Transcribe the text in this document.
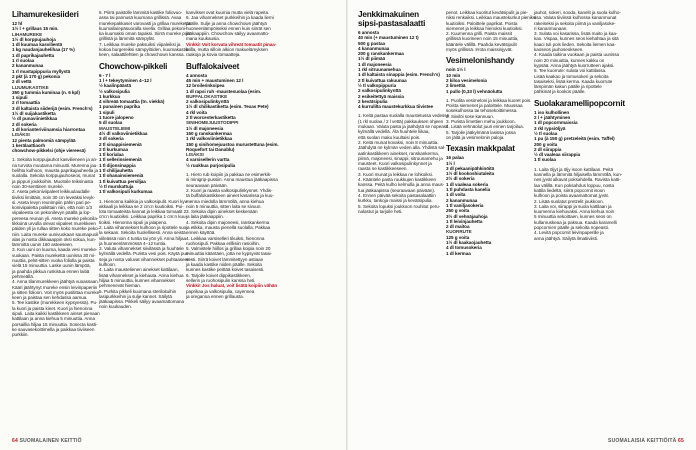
Lihamurekesiideri
12 hl
1½ l + grillaus 15 min.
LIHAMUREKE
1½ dl korppujauhoja
1 dl kuumaa kasvilientä
1 kg naudanjauhelihaa (17 %)
1 dl paprikajauhetta
1 rl suolaa
2 kananmunaa
1 rl mustapippuria myllystä
2 pkt (à 170 g) pekonia
2 dl vettä
LIJUMUKASTIKE
350 g tummia kuminaa (n. 6 kpl)
1 sipuli
2 rl tomaattia
3 dl kaltaista siiderijä (esim. French's)
1½ dl suijakastiketta
½ dl punaviinietikkaa
2 dl sokeria
1 dl korianteriviinamsia hiarrontaa
LISÄKSI
12 pienta palmomiä sämpylää
1 kerälaattiaorh
chowchow-pikkelsi (ohje viereesä)
1. Sekoita korppujauhot kasvilieneen ja an-
na turvota muutama minuutti. Murenna jau-
helihta kulhoon, mausta paprikajauheella ja
suolalla. Sekoita korppujauhoseos, munat
ja pippuri joukkoihin. Muotoile teiksinasta
noin 30-senttinen murekė.
2. Aseta pekoniviipaleet leikkuulaudalle
tiiviksi limittäin, noin 30 cm leveäksi levyk-
si. Aseta levyn reunimpiin pähin pari pe-
koniviipaletta poikittain niin, että noin 1/3
viipaleesta on pekonilevyn päällä ja lop-
pereesa reunan yli. Aseta murekė pekonila-
tikkoinä urvulla olevat viipaleet murekkeen
päiden yli ja rullaa sitten koko mureke peko-
niin. Laita mureke uunivuokaan saumapuoli
alas ja nosta dikkaaappin oksi sokua, kun-
lämmittä uunin 160 asteeseen.
3. Kun uuni on kuuma, kaada vesi mureke-
vuokaan. Paista murekettä uunissa 30 mi-
nuuttia, pelst-sitten vuoka foliolla ja paista
vielä 15 minuuttia. Laske uunin lämpöä,
ja paahda pikkua ruskistua ennen laitiä
pehmeällä.
4. Anna tilanmurekkeen jäähtyä vuoassaan.
Kääri jäähtynyt mureke ensin leivinpaperiin
ja sitten folioon. Voit myös pusitittaa mureke-
keen ja paistaa sen kehdassa aamua.
5. Tee kastike (murekkeen kypsyessä). Pu-
la kuori ja paista kinet. Kuori ja hienonna
sipuli. Laita kaikki kastikkeen ainset pienaan
kattilaan ja anna kiehua 5 minuuttia. Anna
porsaillia hiljaa 15 minuuttia. Sosecta kasti-
ke sauvasekoittimella ja paikkaa tiiviiseen
purkkiin.
6. Piirrä paistolle lämmitä kastike foliovuo-
assa tai pannusä kuumana grillissä. Avaa
murekepakkaset varovasti ja grillaa mureketta
kuumalla/epäsuoralla sivella. Grillaa pekoni-
ka kuumaksi oman tapaksi. Siirrä mureke pois
grillistä ja lämmitä sämpylät.
7. Leikkaa mureke paksuiksi viipaleiksi ja
kokoa burgereiksi sämpylöiden, kuumakastik-
keen, salaattilehtien ja chowchown kanssa.
Chowchow-pikkeli
6 - 7 l
1 l + tekeytyminen 4–12 l
½ kaalinpäästä
½ valkosipulia
1 kurkkua
4 vihreää tomaattia (tn. viekkä)
1 punainen paprika
1 sipuli
1 tuore jalopeno
5 dl suolaa
MAUSTELIEMI
4½ dl valkoviinietikkaa
3 dl sokeria
2 tl sinappisiemeniä
2 tl kurkumaa
1 tl korialaa
1 tl sellerinsiemeniä
1 tl dijonsinappia
1 tl chilijauhetta
1 tl ohanainsiemeniä
1 tl kuivattua persiljaa
½ tl murskattuja
1 tl valkosipuli kurkumaa
1. Hienonna kaikkia ja valkosipulit. Kuori kyv-
akkaali ja leikkaa se 2 cm:n kuutioiksi. Pui-
lota tomaateista kannat ja leikkaa tomaatit 2
cm:n kuutioiksi. Leikkaa paprika 1 cm:n kuu-
tioiksi. Hienonna sipuli ja jalapeno.
2. Laita vihannekset kulhoon ja ripottele suo-
la sekaan. Sekoita huolellisesti. Anna seistä
viileässä noin 4 tuntia tai yön yli. Anna hiljaa
ja huoneenlämmössä 4–12 tuntia.
3. Valuta vihannekset siivilässä ja huuhtele
kylmällä vedellä. Purista vesi pois. Käytä pus-
seja ja nosta valuvat vihannekset puhtaaseen
kulhoon.
4. Laita maustelienen ainekset kattilaan,
lisää vihannekset ja kiehauta. Anna kiehua
hiljaa 5 minuuttia, kunnes vihannekset
pehmenevät hieman.
5. Purkita pikkeli kuumana steriloituihin
lasipurkkeihin ja sulje kannet. Säilytä
jääkaapissa. Pikkeli säilyy avaamattomana
noin kuukauden.
kanvikset ovat kuumia mutta vielä rapeita.
6. Jaa vihannekset purkkeihin ja kaada liemi
päälle. Sulje ja anna chowchown jäähtyä
huoneenlämpöiseksi ennen kuin siirrät sen
jääkaappiin. Chowchow säilyy avaamatto-
mana kuukausia.
Vinkki! Voit korvata vihreät tomaatit pinaa-
atilla, mutta silloin alkion makuelämyksen
raakoja ja kovia tomaatteja.
Buffalokaiveet
4 annosta
45 min + maustuminen 12 l
12 broilerinkoipea
1 dl rapsi ruh -maustesuolaa (esim.
BUFFALOKASTIKE
2 valkosipulinkynttä
1½ dl chilikastiketta (esim. Texas Pete)
4 rkl voita
2 tl worcesterkastiketta
SINIHOMEJUUSTODIPPI
1½ dl majoneesia
150 g ranskankermaa
1 rkl valkoviinietikkaa
150 g sinihomejuustoa murustettuna (esim.
Roquefort tai Danablu)
LISÄKSI
4 varsisellerin vartta
½ ruukkua purjosipulia
1. Hiero rub koipiin ja pakkaa ne esimerkik-
si minigrip-pussiin. Anna maustua jääkaapissa
seuraavaan päivään.
2. Kuori ja raasta valkosipulinkynnet. Yhdis-
tä buffalokastikkeen aineet kasarissa ja kuu-
menna miedolla lämmöllä, anna kiehua
noin 5 minuuttia, sitten laita se sivuun.
3. Sekoita dipin ainekset keskenään
ja laita jääkaappiin.
4. Sekoita dipin majoneesi, ranskankerma
ja etikka, mausta pienellä suolalla. Pakkaa
ennen käyttöä.
4. Leikkaa varsiselleri tikuiksi, hienonna
ruohosipuli. Pakkaa erillisiin rasioihin.
5. Valmistele hiillos ja grillaa koipia noin 20
minuuttia kääntäen, jotta ne kypsyvät tasai-
sesti. Siirrä koivet lämmitettyyn astiaan
ja kaada kastike niiden päälle. Sekoita
kunnes kastike peittää koivet tasaisesti.
6. Tarjoile koivet dippikastikkeen,
sellerin ja ruohosipulin kanssa heti.
Vinkki! Jos haluat, voit lisätä koipiin vähän
paprikaa ja valkosipulia, cayennea
ja oreganoa ennen grillausta.
64 SUOMALAINEN KEITTIÖ
Jenkkimakuinen sipsi-pastasalaatti
6 annosta
40 min (+ maustuminen 12 t)
500 g pastaa
4 kananmunaa
200 g ranskankermaa
1½ dl piimää
1 dl majoneesia
1 rkl sitruunamehua
1 dl kaltaista sinappia (esim. French's)
2 tl kuivattua rakuunaa
½ tl valkopippuria
2 valkosipulinkynttä
2 esikeitettyä maissia
2 kevätsipulia
4 kurrulilta maustekurkkua tiivistee
1. Keitä pastaa suolalla maustetussa vedessä
(1 rkl suolaa / 2 l vettä) pakkauksen ohjeen
mukaan. Valuta pasta ja jäähdytä se nopeasti
kylmällä vedellä. Älä huuhtele liikaa,
että suolan maku kuultaisi pois.
2. Keitä munat kovaksi, noin 8 minuuttia.
Jäähdytä ne kylmän veden alla. Yhdistä sal-
aatinkastikkeen ainekset, ranskankerma,
piimä, majoneesi, sinappi, sitruunamehu ja
mausteet. Kuori valkosipulinkynnet ja
raasta ne kastikkeeseen.
3. Kuori munat ja leikkaa ne lohkoiksi.
4. Kääntele pasta ruukkujen kastikkeen
kanssa. Peitä kulho kelmulla ja anna maus-
tua jääkaapissa (seuraavaan päivään).
4. Ennen päivää sekoita pastasalaattiin
kurkku, tankoja maissi ja kevätsipulia.
5. Sekoita lopuksi joukkoon rouhitut peru-
nalastut ja tarjoile heti.
penot. Leikkaa kuoritut kevätsipulit ja pie-
niksi renkaiksi. Leikkaa maustekurkut pieniksi
kuutioiksi. Paloittele paprikat. Poista
siemenet ja leikkaa hienoksi kuutioiksi.
2. Kuumenna grilli. Paista maissit
grillissä kuorineen noin 15 minuuttia,
kääntele välillä. Paahda kevätsipulit
myös grillissä. Irrota maissinjyvät.
Vesimelonishandy
noin 1½ l
10 min
2 kiloa vesimelonia
2 limettiä
1 pullo (0,33 l) vehnäolutta
1. Puolita vesimeloni ja leikkaa kuoret pois.
Poista siemenet ja paloittele. Muussaa
sosekulhossa tai tehosekoittimessa.
2. Siivilöi sose kannuun.
3. Purista limettien mehu joukkoon.
4. Lisää vehnäolut juuri ennen tarjoilua.
5. Tarjoile jääkylmänä lasissa jossa
on jäitä ja vesimelonin paloja.
Texasin makkpalat
16 palaa
1½ l
3 dl pekaanipähkinöitä
1½ dl kookoshiutaleita
2½ dl sokeria
1 dl vaaleaa sokeria
1 tl puhdasta kanelia
1 dl voita
2 kananmunaa
1 tl vaniljasokeria
250 g voita
3½ dl vehnäjauhoja
1 tl leivinjauhetta
2 dl maitoa
KUORRUTE
125 g voita
1½ dl kaakaojauhetta
4 dl tomusokeria
1 dl kermaa
jauhot, sokeri, sooda, kanelit ja suola kulho-
ssa. Valuta tiiviissä kulhossa kananmunat
rakeiseksi ja sekoita piimä ja vaniljasoke-
ri kananmunaan.
3. Sulata voi kasarissa, lisää maito ja kaa-
kao. Vispaa, kunnes seos kiehahtaa ja sitä
kaaci tuli pois lieden. Sekoita liemen kaa-
kaoseos jauhoseokseen.
4. Kaada taikina vuokaan ja paista uunissa
noin 20 minuuttia, kunnes kakku on
kypsää. Anna jäähtyä kuorrutteen ajaksi.
5. Tee kuorrute: sulata voi kattilassa.
Lisää kaakao ja tomusokeri ja sekoita
tasaiseksi, lisää kerma. Kaada kuorrute
lämpimän kakun päälle ja ripottele
pähkinät ja kookos päälle.
Suolakaramellipopcornit
1 iso kulhollinen
2 l + jäähtyminen
1 dl popcornmaissia
3 rkl rypsiöljyä
½ tl suolaa
1 pu (à 150 g) pretzeleitä (esim. Taffel)
200 g voita
2 dl siirappia
½ dl vaaleaa siirappia
1 tl suolaa
1. Laita öljyt ja öljy isoon kattilaan. Peitä
kannella ja lämmitä hiljaisella lämmöllä, kun-
nes jyvät alkavat poksahdella. Ravista katti-
laa välillä. Kun poksahdus loppuu, nosta
kattila liedeltä, siirrä popcornit isoon
kulhoon ja poista avaamattomat jyvät.
2. Lisää suolatut pretzelit joukkoon.
3. Laita voi, siirappi ja suola kattilaan ja
kuumenna kiehuvaksi. Anna kiehua noin
5 minuuttia sekoittaen, kunnes seos on
kullanruskeaa ja paksua. Kaada karamelli
popcornien päälle ja sekoita nopeasti.
4. Levitä popcornit leivinpaperille ja
anna jäähtyä. Säilytä ilmatiiviisti.
SUOMALAISIA KEITTIÖITÄ 65
